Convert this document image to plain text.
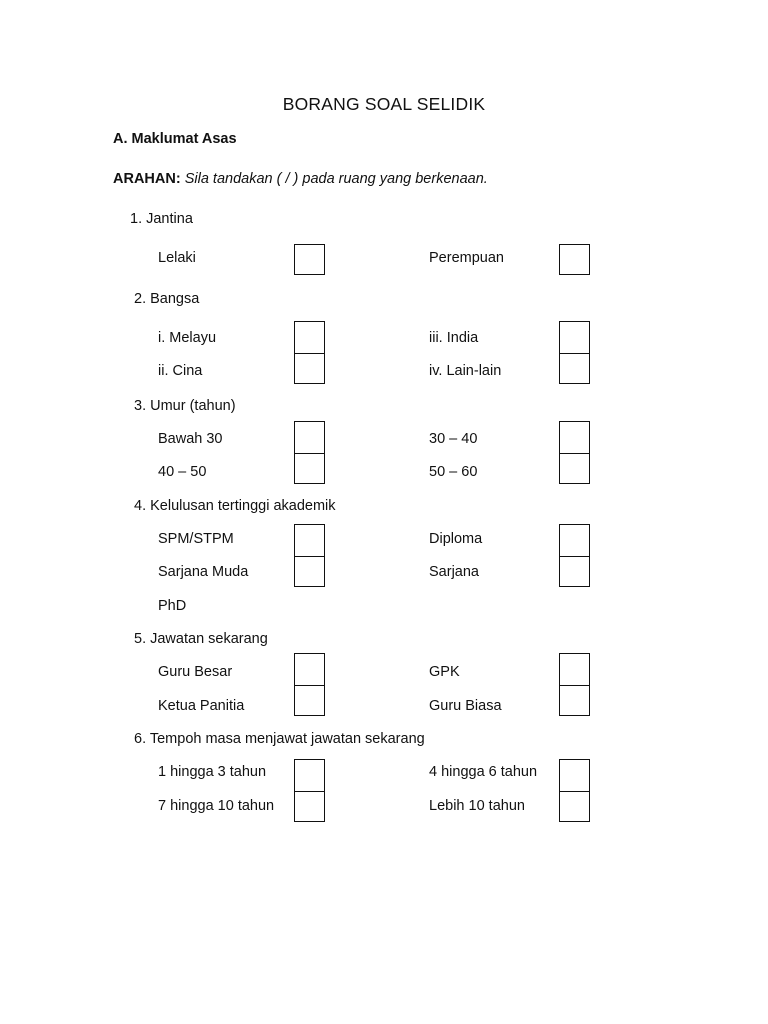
BORANG SOAL SELIDIK
A. Maklumat Asas
ARAHAN: Sila tandakan ( / ) pada ruang yang berkenaan.
1. Jantina
Lelaki	Perempuan
2. Bangsa
i. Melayu	iii. India
ii. Cina	iv. Lain-lain
3. Umur (tahun)
Bawah 30	30 – 40
40 – 50	50 – 60
4. Kelulusan tertinggi akademik
SPM/STPM	Diploma
Sarjana Muda	Sarjana
PhD
5. Jawatan sekarang
Guru Besar	GPK
Ketua Panitia	Guru Biasa
6. Tempoh masa menjawat jawatan sekarang
1 hingga 3 tahun	4 hingga 6 tahun
7 hingga 10 tahun	Lebih 10 tahun
